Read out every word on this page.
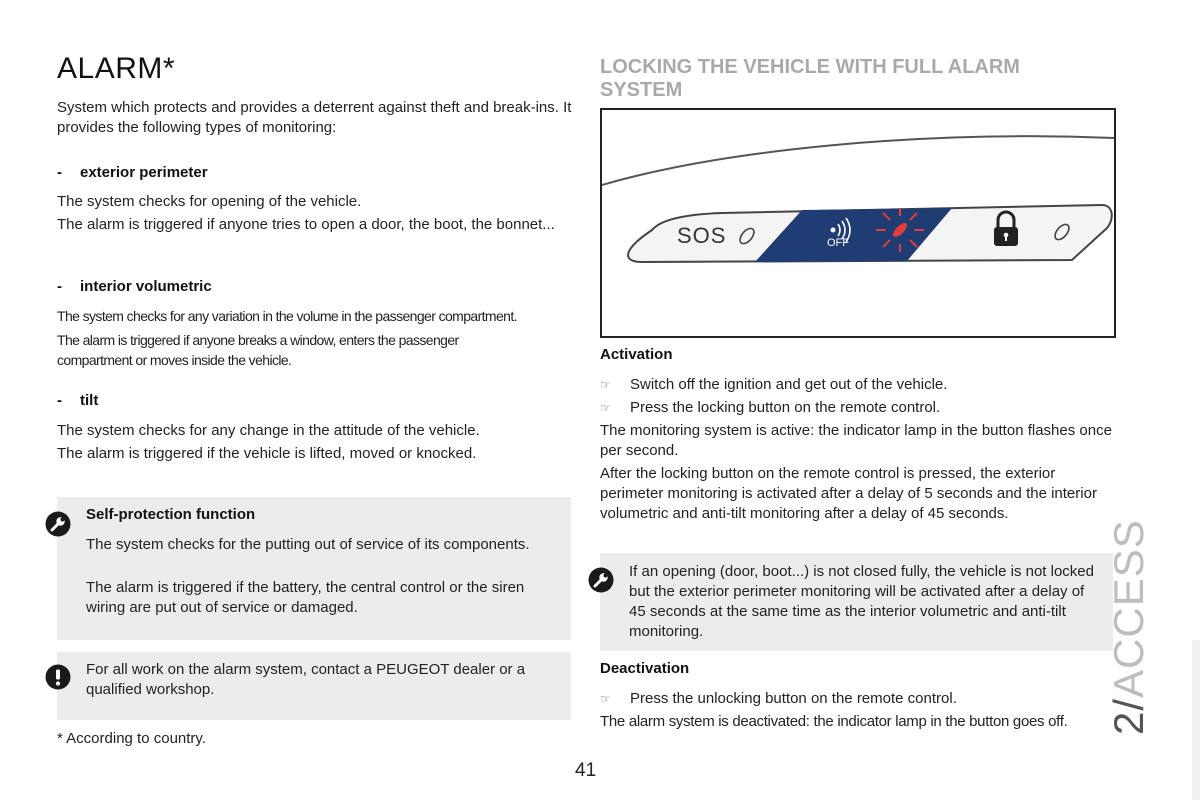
ALARM*

System which protects and provides a deterrent against theft and break-ins. It provides the following types of monitoring:

- exterior perimeter

The system checks for opening of the vehicle.

The alarm is triggered if anyone tries to open a door, the boot, the bonnet...

- interior volumetric

The system checks for any variation in the volume in the passenger compartment.

The alarm is triggered if anyone breaks a window, enters the passenger compartment or moves inside the vehicle.

- tilt

The system checks for any change in the attitude of the vehicle.

The alarm is triggered if the vehicle is lifted, moved or knocked.

Self-protection function

The system checks for the putting out of service of its components.

The alarm is triggered if the battery, the central control or the siren wiring are put out of service or damaged.

For all work on the alarm system, contact a PEUGEOT dealer or a qualified workshop.

* According to country.

LOCKING THE VEHICLE WITH FULL ALARM SYSTEM
SOS	OFF
Activation
☞ Switch off the ignition and get out of the vehicle.
☞ Press the locking button on the remote control.

The monitoring system is active: the indicator lamp in the button flashes once per second.

After the locking button on the remote control is pressed, the exterior perimeter monitoring is activated after a delay of 5 seconds and the interior volumetric and anti-tilt monitoring after a delay of 45 seconds.

If an opening (door, boot...) is not closed fully, the vehicle is not locked but the exterior perimeter monitoring will be activated after a delay of 45 seconds at the same time as the interior volumetric and anti-tilt monitoring.

Deactivation
☞ Press the unlocking button on the remote control.

The alarm system is deactivated: the indicator lamp in the button goes off. 2/ACCESS
41
